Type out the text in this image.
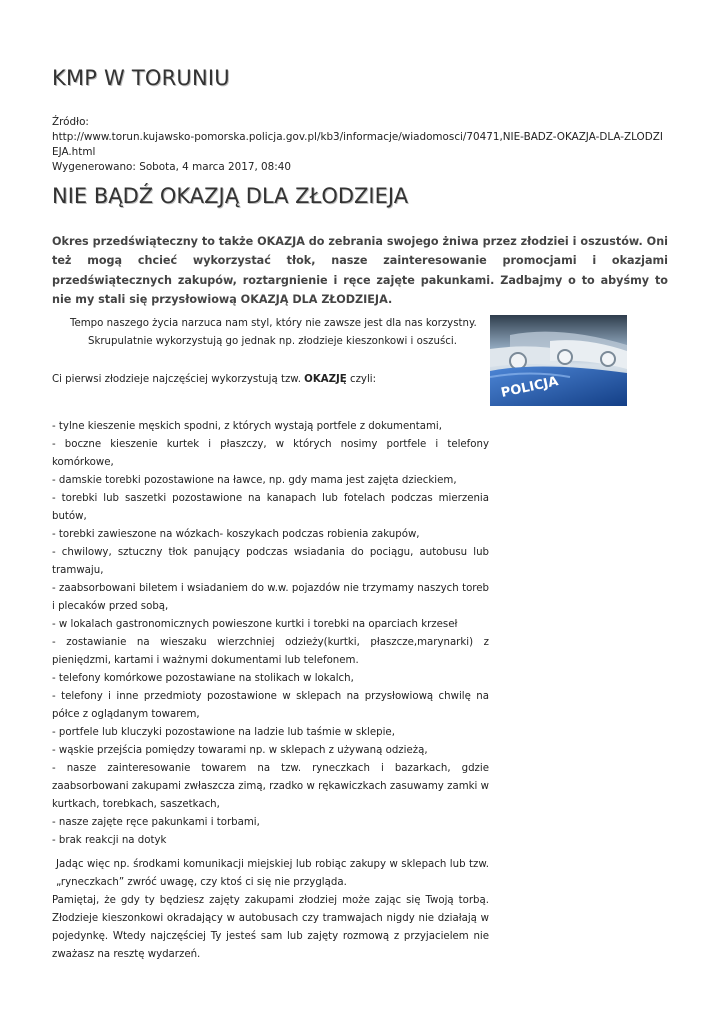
KMP W TORUNIU
Źródło:
http://www.torun.kujawsko-pomorska.policja.gov.pl/kb3/informacje/wiadomosci/70471,NIE-BADZ-OKAZJA-DLA-ZLODZIEJA.html
Wygenerowano: Sobota, 4 marca 2017, 08:40
NIE BĄDŹ OKAZJĄ DLA ZŁODZIEJA
Okres przedświąteczny to także OKAZJA do zebrania swojego żniwa przez złodziei i oszustów. Oni też mogą chcieć wykorzystać tłok, nasze zainteresowanie promocjami i okazjami przedświątecznych zakupów, roztargnienie i ręce zajęte pakunkami. Zadbajmy o to abyśmy to nie my stali się przysłowiową OKAZJĄ DLA ZŁODZIEJA.
Tempo naszego życia narzuca nam styl, który nie zawsze jest dla nas korzystny.
Skrupulatnie wykorzystują go jednak np. złodzieje kieszonkowi i oszuści.
Ci pierwsi złodzieje najczęściej wykorzystują tzw. OKAZJĘ czyli:	POLICJA
- tylne kieszenie męskich spodni, z których wystają portfele z dokumentami,
- boczne kieszenie kurtek i płaszczy, w których nosimy portfele i telefony komórkowe,
- damskie torebki pozostawione na ławce, np. gdy mama jest zajęta dzieckiem,
- torebki lub saszetki pozostawione na kanapach lub fotelach podczas mierzenia butów,
- torebki zawieszone na wózkach- koszykach podczas robienia zakupów,
- chwilowy, sztuczny tłok panujący podczas wsiadania do pociągu, autobusu lub tramwaju,
- zaabsorbowani biletem i wsiadaniem do w.w. pojazdów nie trzymamy naszych toreb i plecaków przed sobą,
- w lokalach gastronomicznych powieszone kurtki i torebki na oparciach krzeseł
- zostawianie na wieszaku wierzchniej odzieży(kurtki, płaszcze,marynarki) z pieniędzmi, kartami i ważnymi dokumentami lub telefonem.
- telefony komórkowe pozostawiane na stolikach w lokalch,
- telefony i inne przedmioty pozostawione w sklepach na przysłowiową chwilę na półce z oglądanym towarem,
- portfele lub kluczyki pozostawione na ladzie lub taśmie w sklepie,
- wąskie przejścia pomiędzy towarami np. w sklepach z używaną odzieżą,
- nasze zainteresowanie towarem na tzw. ryneczkach i bazarkach, gdzie zaabsorbowani zakupami zwłaszcza zimą, rzadko w rękawiczkach zasuwamy zamki w kurtkach, torebkach, saszetkach,
- nasze zajęte ręce pakunkami i torbami,
- brak reakcji na dotyk

Jadąc więc np. środkami komunikacji miejskiej lub robiąc zakupy w sklepach lub tzw. „ryneczkach” zwróć uwagę, czy ktoś ci się nie przygląda.

Pamiętaj, że gdy ty będziesz zajęty zakupami złodziej może zając się Twoją torbą. Złodzieje kieszonkowi okradający w autobusach czy tramwajach nigdy nie działają w pojedynkę. Wtedy najczęściej Ty jesteś sam lub zajęty rozmową z przyjacielem nie zważasz na resztę wydarzeń.
